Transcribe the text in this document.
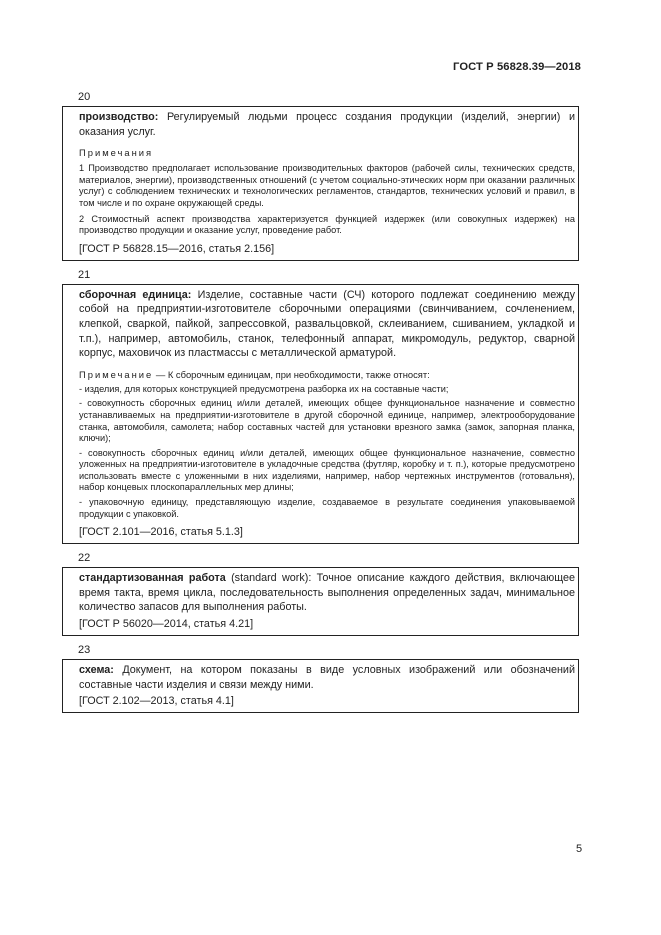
ГОСТ Р 56828.39—2018
20
производство: Регулируемый людьми процесс создания продукции (изделий, энергии) и оказания услуг.
Примечания
1 Производство предполагает использование производительных факторов (рабочей силы, технических средств, материалов, энергии), производственных отношений (с учетом социально-этических норм при оказании различных услуг) с соблюдением технических и технологических регламентов, стандартов, технических условий и правил, в том числе и по охране окружающей среды.
2 Стоимостный аспект производства характеризуется функцией издержек (или совокупных издержек) на производство продукции и оказание услуг, проведение работ.
[ГОСТ Р 56828.15—2016, статья 2.156]
21
сборочная единица: Изделие, составные части (СЧ) которого подлежат соединению между собой на предприятии-изготовителе сборочными операциями (свинчиванием, сочленением, клепкой, сваркой, пайкой, запрессовкой, развальцовкой, склеиванием, сшиванием, укладкой и т.п.), например, автомобиль, станок, телефонный аппарат, микромодуль, редуктор, сварной корпус, маховичок из пластмассы с металлической арматурой.
Примечание — К сборочным единицам, при необходимости, также относят:
- изделия, для которых конструкцией предусмотрена разборка их на составные части;
- совокупность сборочных единиц и/или деталей, имеющих общее функциональное назначение и совместно устанавливаемых на предприятии-изготовителе в другой сборочной единице, например, электрооборудование станка, автомобиля, самолета; набор составных частей для установки врезного замка (замок, запорная планка, ключи);
- совокупность сборочных единиц и/или деталей, имеющих общее функциональное назначение, совместно уложенных на предприятии-изготовителе в укладочные средства (футляр, коробку и т. п.), которые предусмотрено использовать вместе с уложенными в них изделиями, например, набор чертежных инструментов (готовальня), набор концевых плоскопараллельных мер длины;
- упаковочную единицу, представляющую изделие, создаваемое в результате соединения упаковываемой продукции с упаковкой.
[ГОСТ 2.101—2016, статья 5.1.3]
22
стандартизованная работа (standard work): Точное описание каждого действия, включающее время такта, время цикла, последовательность выполнения определенных задач, минимальное количество запасов для выполнения работы.
[ГОСТ Р 56020—2014, статья 4.21]
23
схема: Документ, на котором показаны в виде условных изображений или обозначений составные части изделия и связи между ними.
[ГОСТ 2.102—2013, статья 4.1]
5
